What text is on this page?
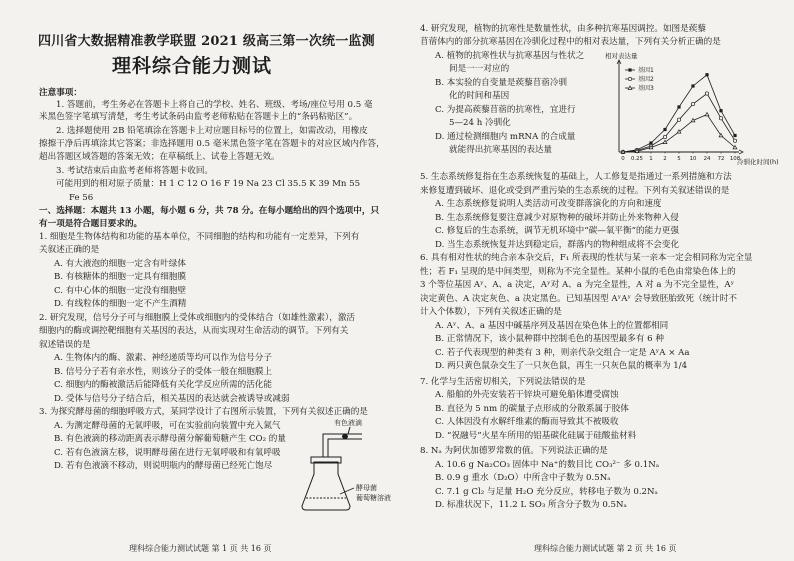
四川省大数据精准教学联盟 2021 级高三第一次统一监测
理科综合能力测试
注意事项：
1. 答题前，考生务必在答题卡上将自己的学校、姓名、班级、考场/座位号用 0.5 毫
米黑色签字笔填写清楚，考生考试条码由监考老师粘贴在答题卡上的“条码粘贴区”。
2. 选择题使用 2B 铅笔填涂在答题卡上对应题目标号的位置上，如需改动，用橡皮
擦擦干净后再填涂其它答案；非选择题用 0.5 毫米黑色签字笔在答题卡的对应区域内作答，
超出答题区域答题的答案无效；在草稿纸上、试卷上答题无效。
3. 考试结束后由监考老师将答题卡收回。
可能用到的相对原子质量：H 1 C 12 O 16 F 19 Na 23 Cl 35.5 K 39 Mn 55
Fe 56
一、选择题：本题共 13 小题，每小题 6 分，共 78 分。在每小题给出的四个选项中，只
有一项是符合题目要求的。
1. 细胞是生物体结构和功能的基本单位，不同细胞的结构和功能有一定差异，下列有
关叙述正确的是
A. 有大液泡的细胞一定含有叶绿体
B. 有核糖体的细胞一定具有细胞膜
C. 有中心体的细胞一定没有细胞壁
D. 有线粒体的细胞一定不产生酒精
2. 研究发现，信号分子可与细胞膜上受体或细胞内的受体结合（如雄性激素），激活
细胞内的酶或调控靶细胞有关基因的表达，从而实现对生命活动的调节。下列有关
叙述错误的是
A. 生物体内的酶、激素、神经递质等均可以作为信号分子
B. 信号分子若有亲水性，则该分子的受体一般在细胞膜上
C. 细胞内的酶被激活后能降低有关化学反应所需的活化能
D. 受体与信号分子结合后，相关基因的表达就会被诱导或减弱
3. 为探究酵母菌的细胞呼吸方式，某同学设计了右图所示装置，下列有关叙述正确的是
A. 为测定酵母菌的无氧呼吸，可在实验前向装置中充入氮气
B. 有色液滴的移动距离表示酵母菌分解葡萄糖产生 CO₂ 的量
C. 若有色液滴左移，说明酵母菌在进行无氧呼吸和有氧呼吸
D. 若有色液滴不移动，则说明瓶内的酵母菌已经死亡饱尽
有色液滴
酵母菌
葡萄糖溶液
理科综合能力测试试题 第 1 页 共 16 页
4. 研究发现，植物的抗寒性是数量性状，由多种抗寒基因调控。如图是蒺藜
苜蓿体内的部分抗寒基因在冷驯化过程中的相对表达量，下列有关分析正确的是
A. 植物的抗寒性状与抗寒基因与性状之
间是一一对应的
B. 本实验的自变量是蒺藜苜蓿冷驯
化的时间和基因
C. 为提高蒺藜苜蓿的抗寒性，宜进行
5—24 h 冷驯化
D. 通过检测细胞内 mRNA 的合成量
就能得出抗寒基因的表达量
相对表达量
基因1
基因2
基因3
0 0.25 1 2 5 10 24 72 108
冷驯化时间(h)
5. 生态系统修复指在生态系统恢复的基础上，人工修复是指通过一系列措施和方法
来修复遭到破坏、退化或受到严重污染的生态系统的过程。下列有关叙述错误的是
A. 生态系统修复说明人类活动可改变群落演化的方向和速度
B. 生态系统修复要注意减少对原物种的破坏并防止外来物种入侵
C. 修复后的生态系统，调节无机环境中“碳—氧平衡”的能力更强
D. 当生态系统恢复并达到稳定后，群落内的物种组成将不会变化
6. 具有相对性状的纯合亲本杂交后，F₁ 所表现的性状与某一亲本一定会相同称为完全显
性；若 F₁ 呈现的是中间类型，则称为不完全显性。某种小鼠的毛色由常染色体上的
3 个等位基因 Aʸ、A、a 决定，Aʸ对 A、a 为完全显性，A 对 a 为不完全显性，Aʸ
决定黄色、A 决定灰色、a 决定黑色。已知基因型 AʸAʸ 会导致胚胎致死（统计时不
计入个体数），下列有关叙述正确的是
A. Aʸ、A、a 基因中碱基序列及基因在染色体上的位置都相同
B. 正常情况下，该小鼠种群中控制毛色的基因型最多有 6 种
C. 若子代表现型的种类有 3 种，则亲代杂交组合一定是 AʸA × Aa
D. 两只黄色鼠杂交生了一只灰色鼠，再生一只灰色鼠的概率为 1/4
7. 化学与生活密切相关，下列说法错误的是
A. 船舶的外壳安装若干锌块可避免船体遭受腐蚀
B. 直径为 5 nm 的碳量子点形成的分散系属于胶体
C. 人体因没有水解纤维素的酶而导致其不被吸收
D. “祝融号”火星车所用的铝基碳化硅属于硅酸盐材料
8. Nₐ 为阿伏加德罗常数的值。下列说法正确的是
A. 10.6 g Na₂CO₃ 固体中 Na⁺的数目比 CO₃²⁻ 多 0.1Nₐ
B. 0.9 g 重水（D₂O）中所含中子数为 0.5Nₐ
C. 7.1 g Cl₂ 与足量 H₂O 充分反应，转移电子数为 0.2Nₐ
D. 标准状况下，11.2 L SO₃ 所含分子数为 0.5Nₐ
理科综合能力测试试题 第 2 页 共 16 页
